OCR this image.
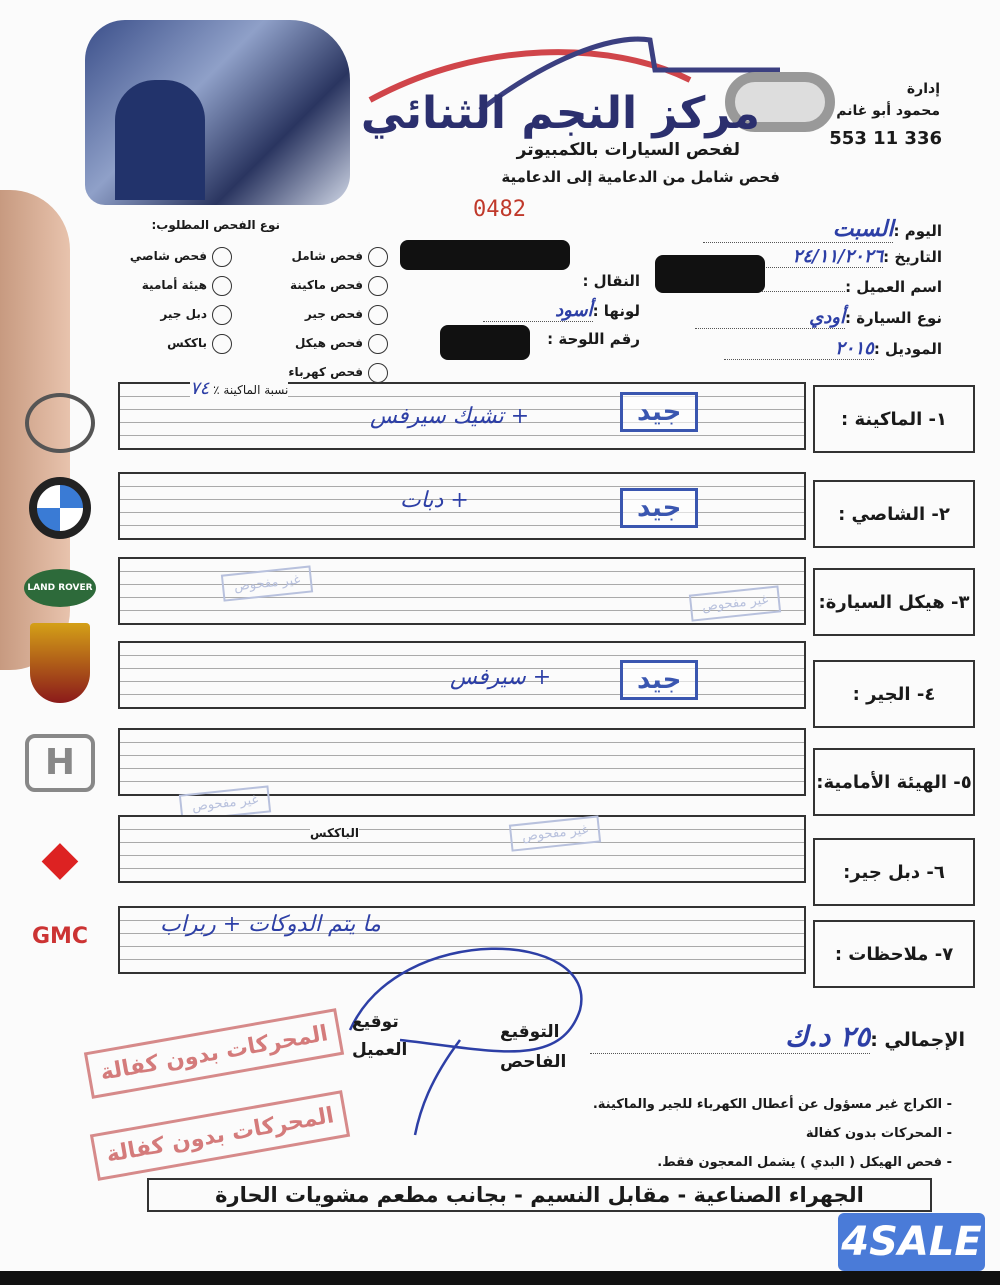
مركز النجم الثنائي
لفحص السيارات بالكمبيوتر
فحص شامل من الدعامية إلى الدعامية
إدارة
محمود أبو غانم
553 11 336
0482
اليوم :السبت
التاريخ :٢٤/١١/٢٠٢٦
اسم العميل :
النقال :
نوع السيارة :أودي
لونها :أسود
الموديل :٢٠١٥
رقم اللوحة :
نوع الفحص المطلوب:
فحص شامل
فحص ماكينة
فحص جير
فحص هيكل
فحص كهرباء
فحص شاصي
هيئة أمامية
دبل جير
باككس
١- الماكينة :
نسبة الماكينة ٪ ٧٤
جيد
+ تشيك سيرفس
٢- الشاصي :
جيد
+ دبات
٣- هيكل السيارة:
غير مفحوص
غير مفحوص
٤- الجير :
جيد
+ سيرفس
٥- الهيئة الأمامية:
غير مفحوص
٦- دبل جير:
الباككس	غير مفحوص
٧- ملاحظات :
ما يتم الدوكات + ربراب
LAND ROVER
H
◆
GMC
الإجمالي :٢٥ د.ك
التوقيع
الفاحص
توقيع
العميل
المحركات بدون كفالة
المحركات بدون كفالة	- الكراج غير مسؤول عن أعطال الكهرباء للجير والماكينة.
- المحركات بدون كفالة
- فحص الهيكل ( البدي ) يشمل المعجون فقط.
الجهراء الصناعية - مقابل النسيم - بجانب مطعم مشويات الحارة
4SALE
